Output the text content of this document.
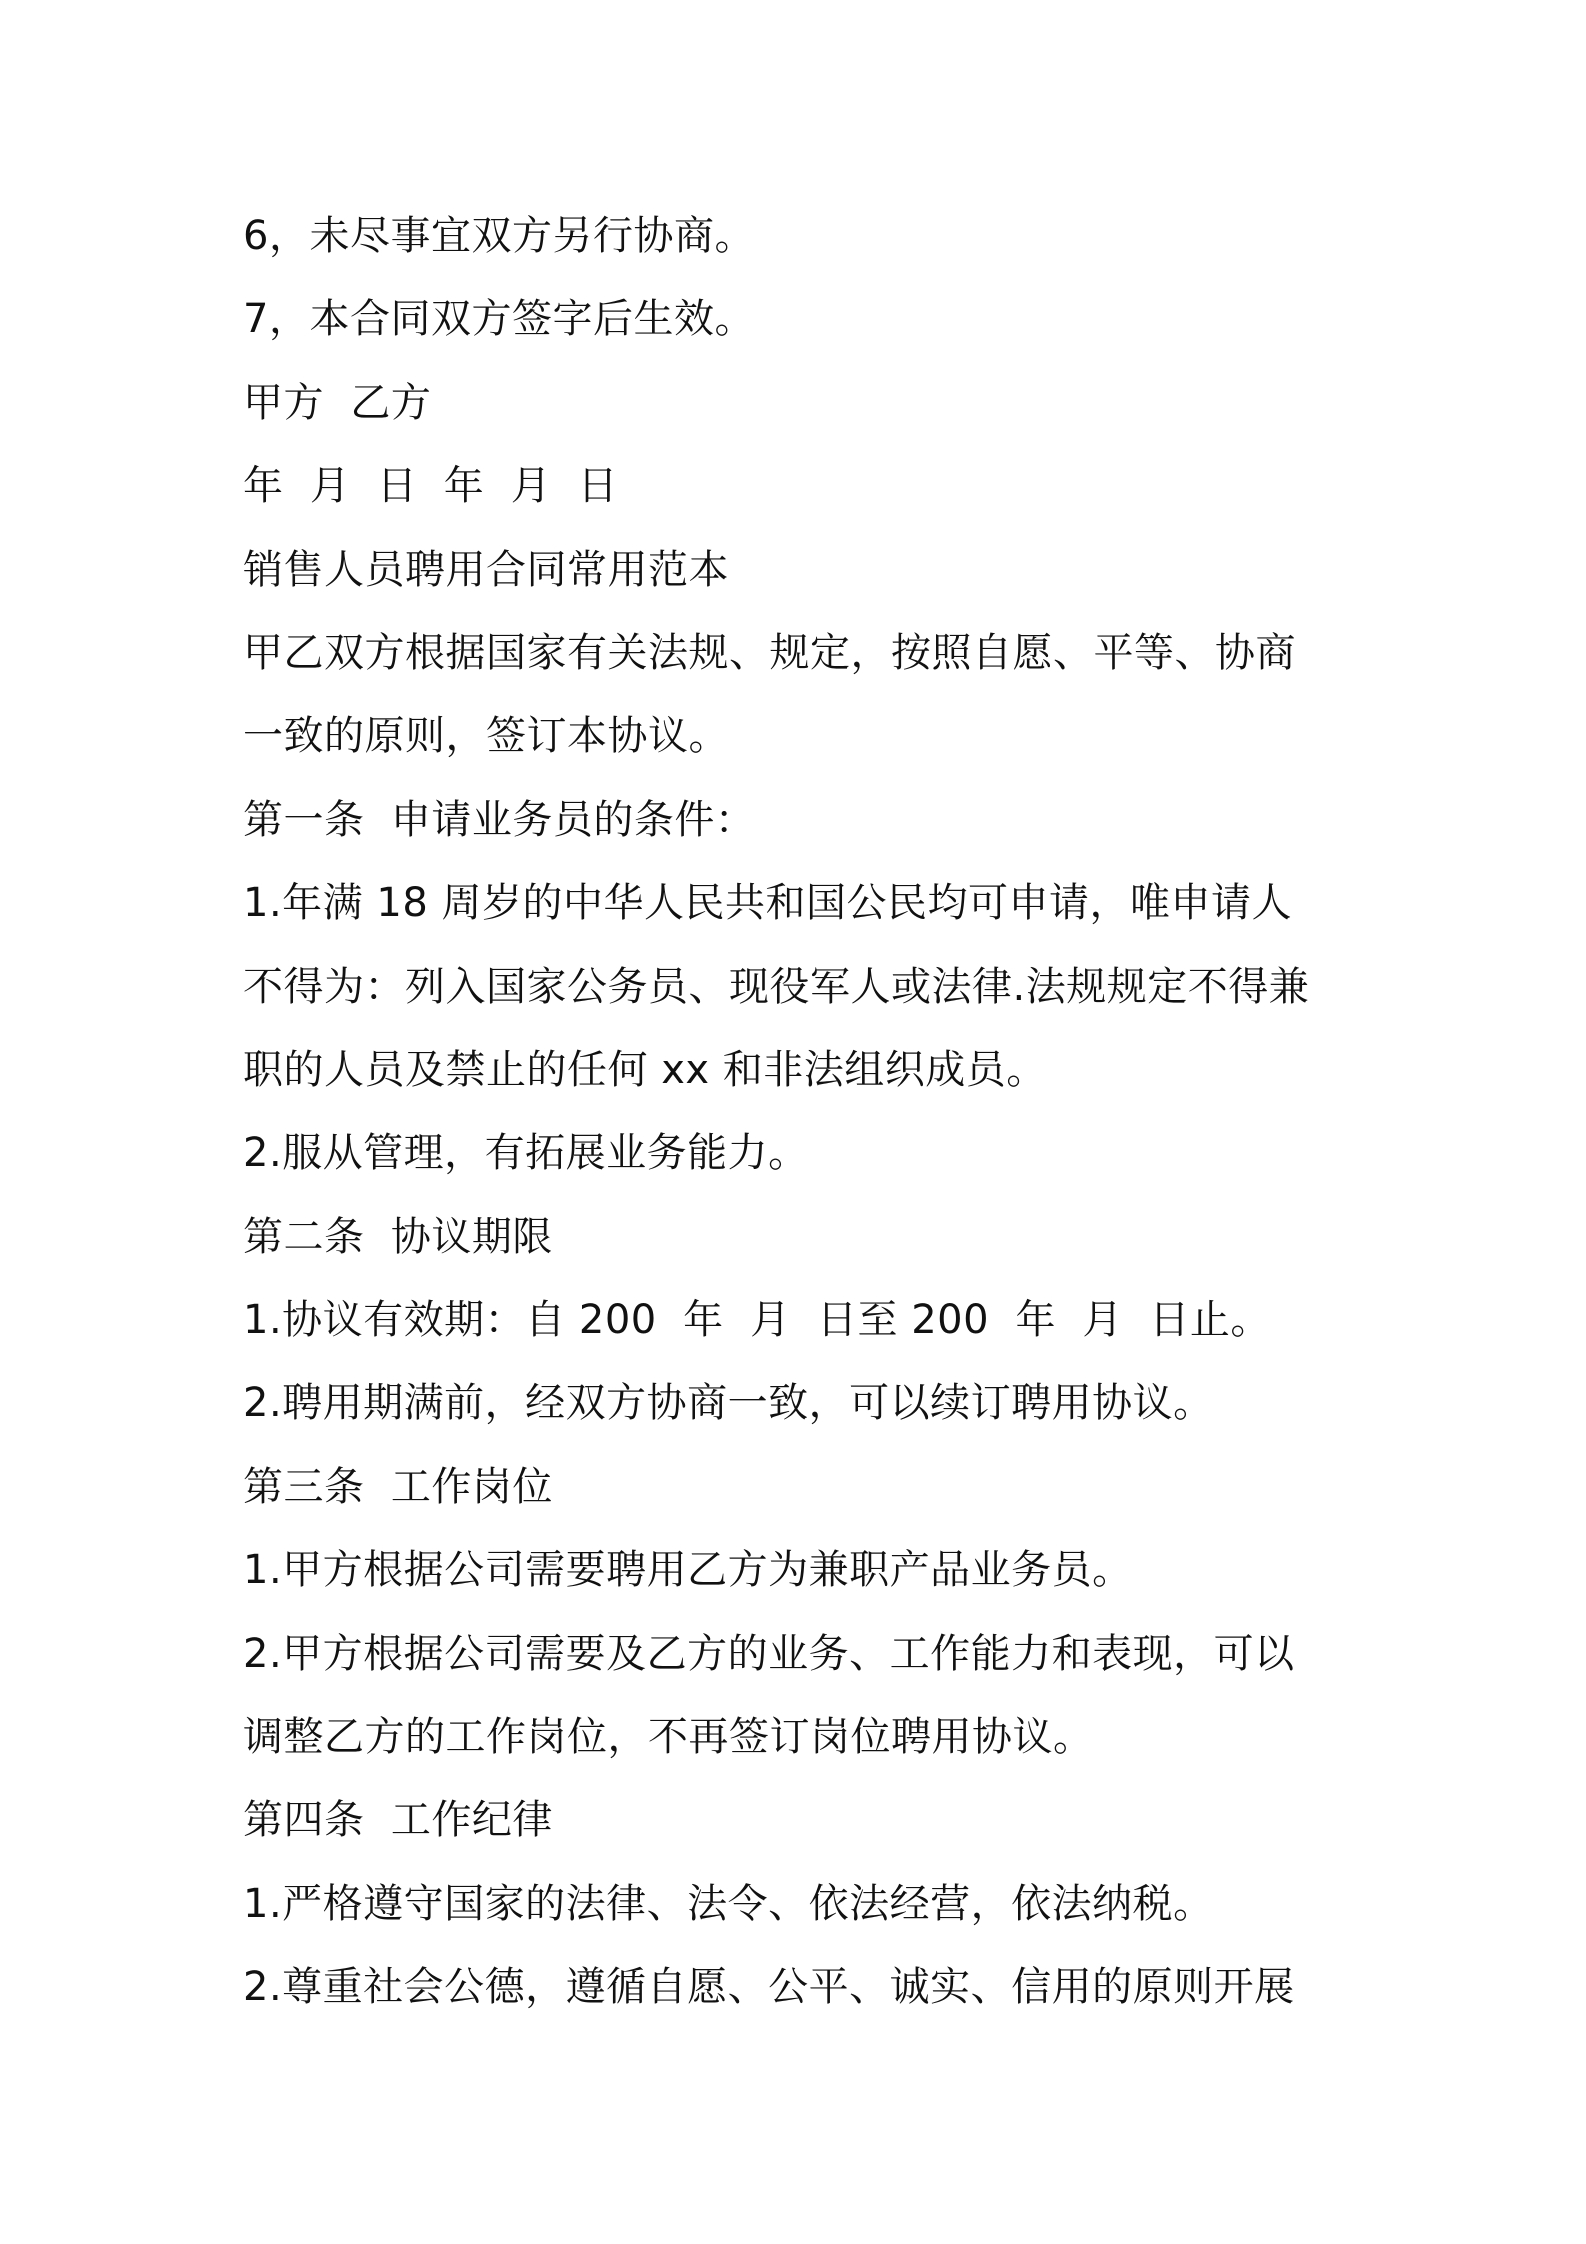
6，未尽事宜双方另行协商。

7，本合同双方签字后生效。

甲方  乙方

年  月  日  年  月  日

销售人员聘用合同常用范本

甲乙双方根据国家有关法规、规定，按照自愿、平等、协商

一致的原则，签订本协议。

第一条  申请业务员的条件：

1.年满 18 周岁的中华人民共和国公民均可申请，唯申请人

不得为：列入国家公务员、现役军人或法律.法规规定不得兼

职的人员及禁止的任何 xx 和非法组织成员。

2.服从管理，有拓展业务能力。

第二条  协议期限

1.协议有效期：自 200  年  月  日至 200  年  月  日止。

2.聘用期满前，经双方协商一致，可以续订聘用协议。

第三条  工作岗位

1.甲方根据公司需要聘用乙方为兼职产品业务员。

2.甲方根据公司需要及乙方的业务、工作能力和表现，可以

调整乙方的工作岗位，不再签订岗位聘用协议。

第四条  工作纪律

1.严格遵守国家的法律、法令、依法经营，依法纳税。

2.尊重社会公德，遵循自愿、公平、诚实、信用的原则开展
